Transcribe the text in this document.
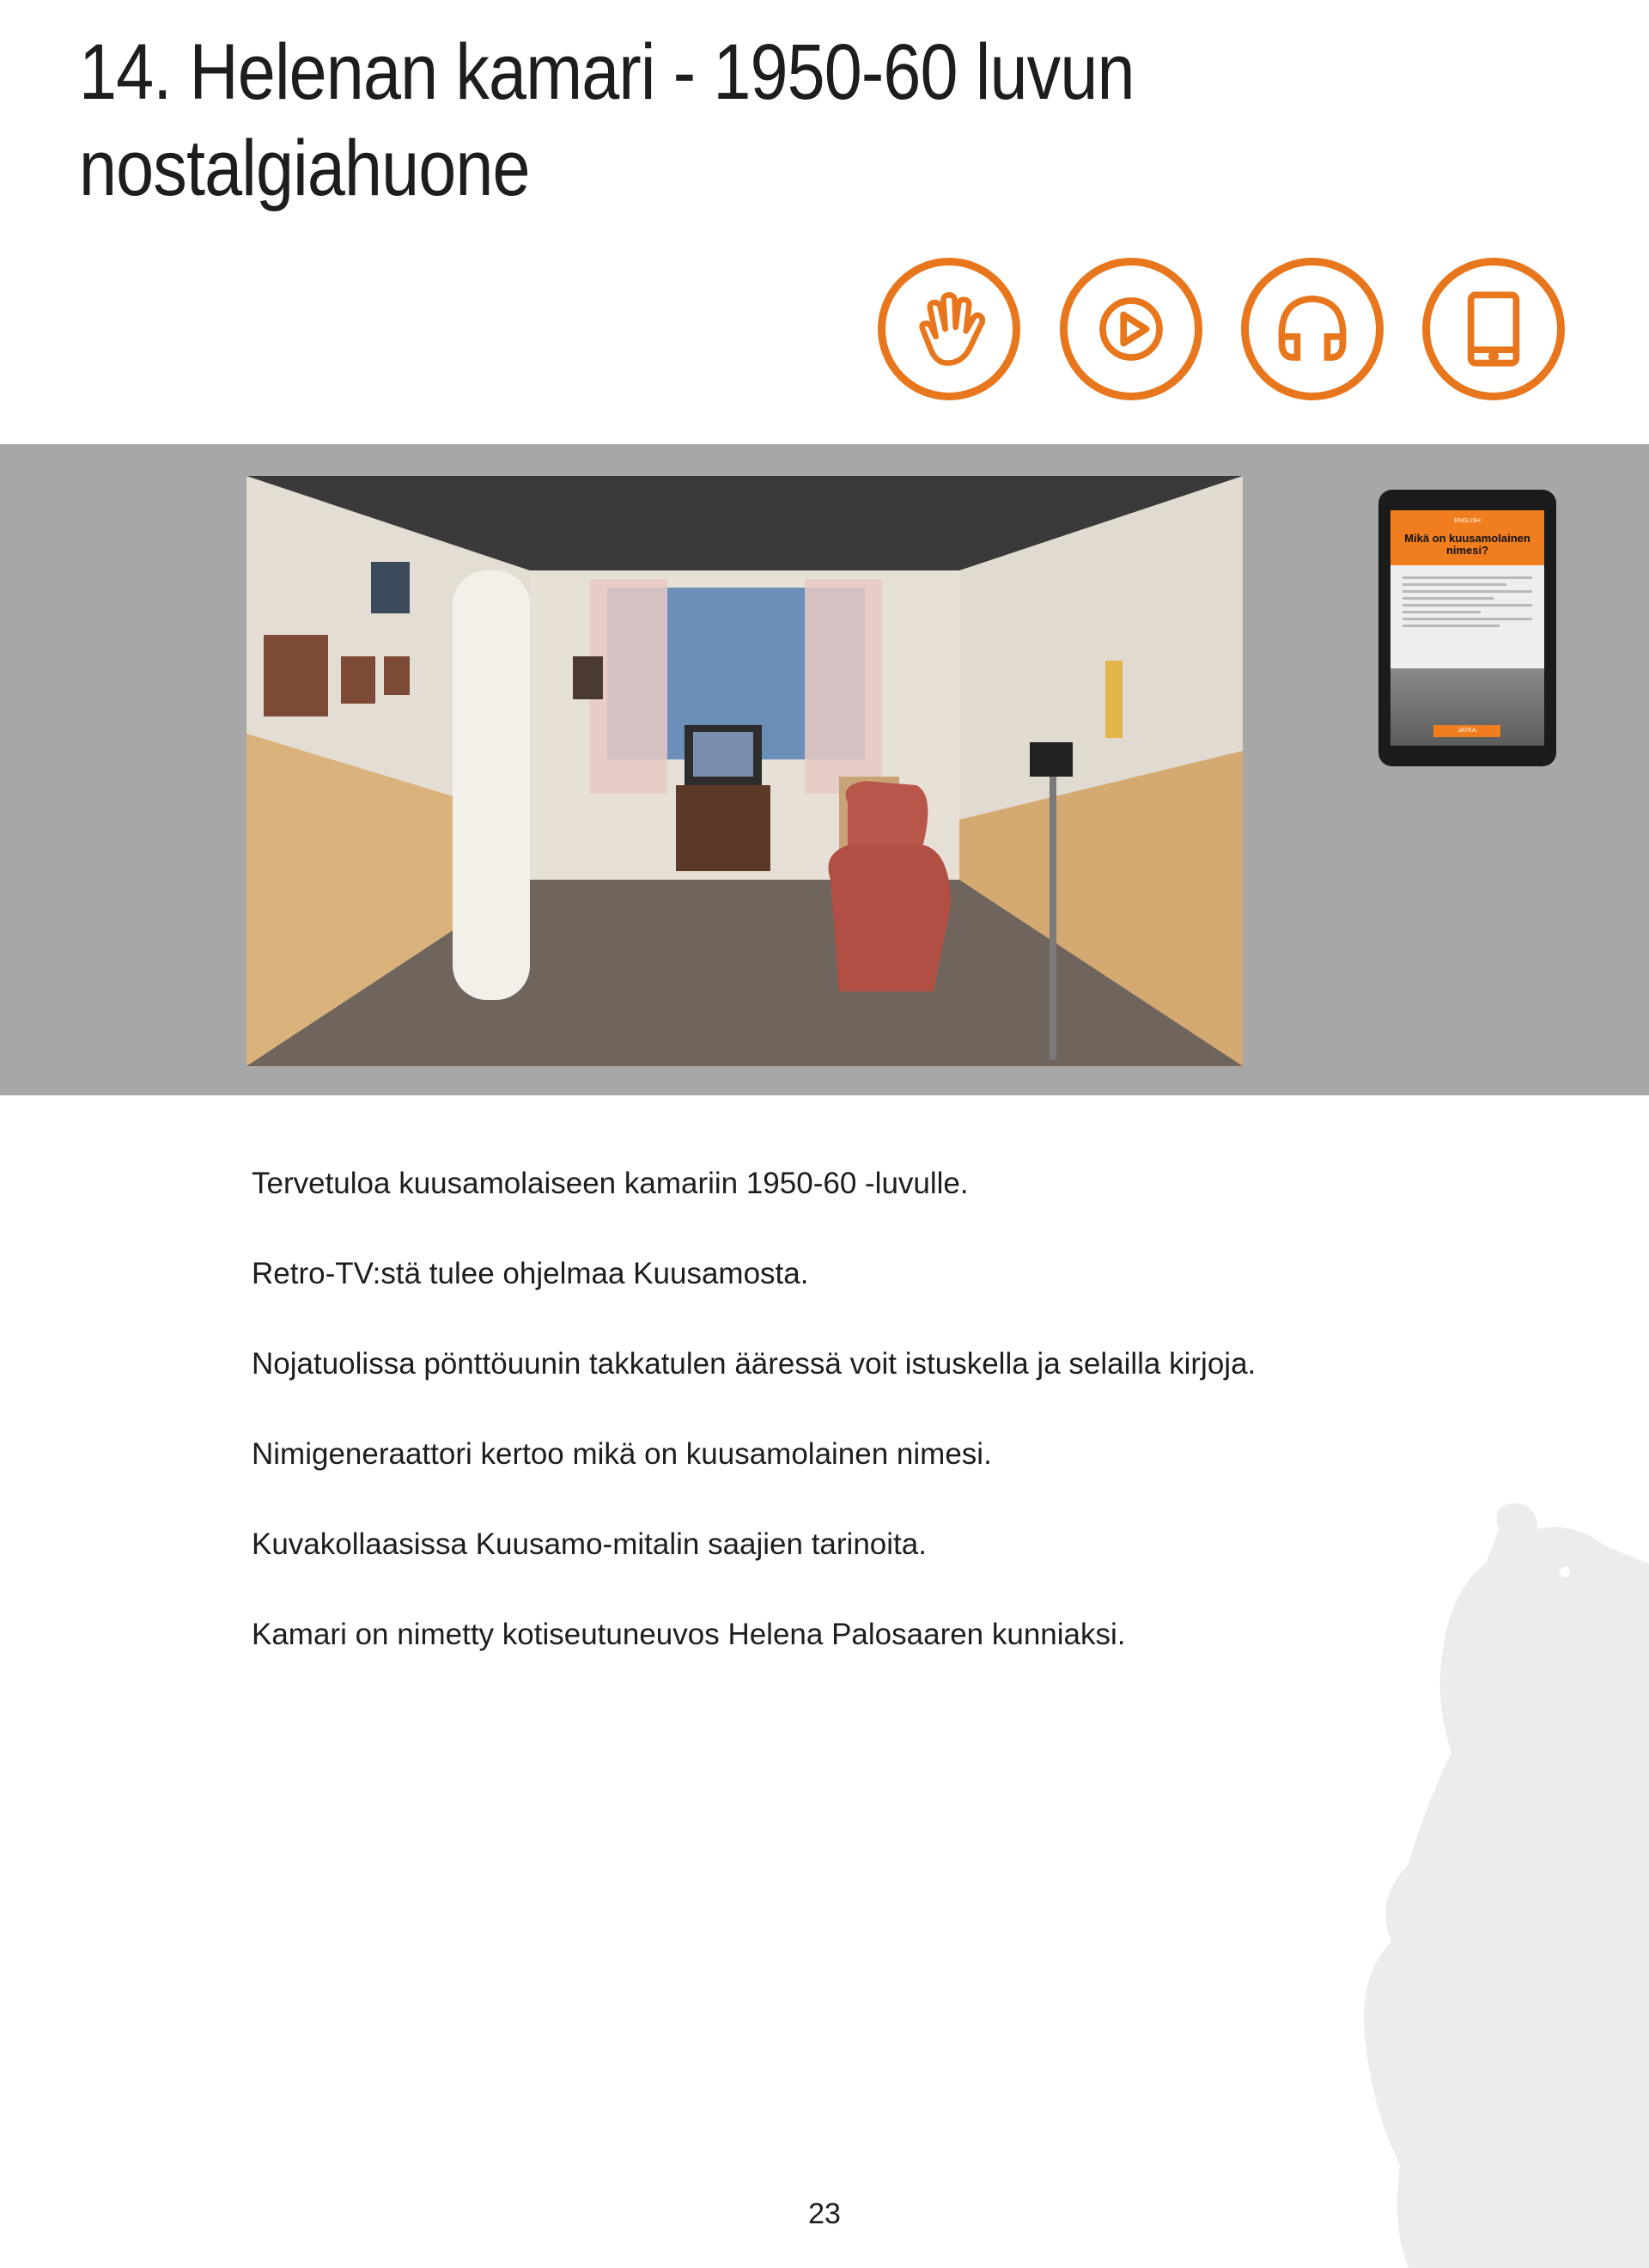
14. Helenan kamari - 1950-60 luvun nostalgiahuone
ENGLISH
Mikä on kuusamolainen nimesi?
JATKA

Tervetuloa kuusamolaiseen kamariin 1950-60 -luvulle.

Retro-TV:stä tulee ohjelmaa Kuusamosta.

Nojatuolissa pönttöuunin takkatulen ääressä voit istuskella ja selailla kirjoja.

Nimigeneraattori kertoo mikä on kuusamolainen nimesi.

Kuvakollaasissa Kuusamo-mitalin saajien tarinoita.

Kamari on nimetty kotiseutuneuvos Helena Palosaaren kunniaksi.

23
